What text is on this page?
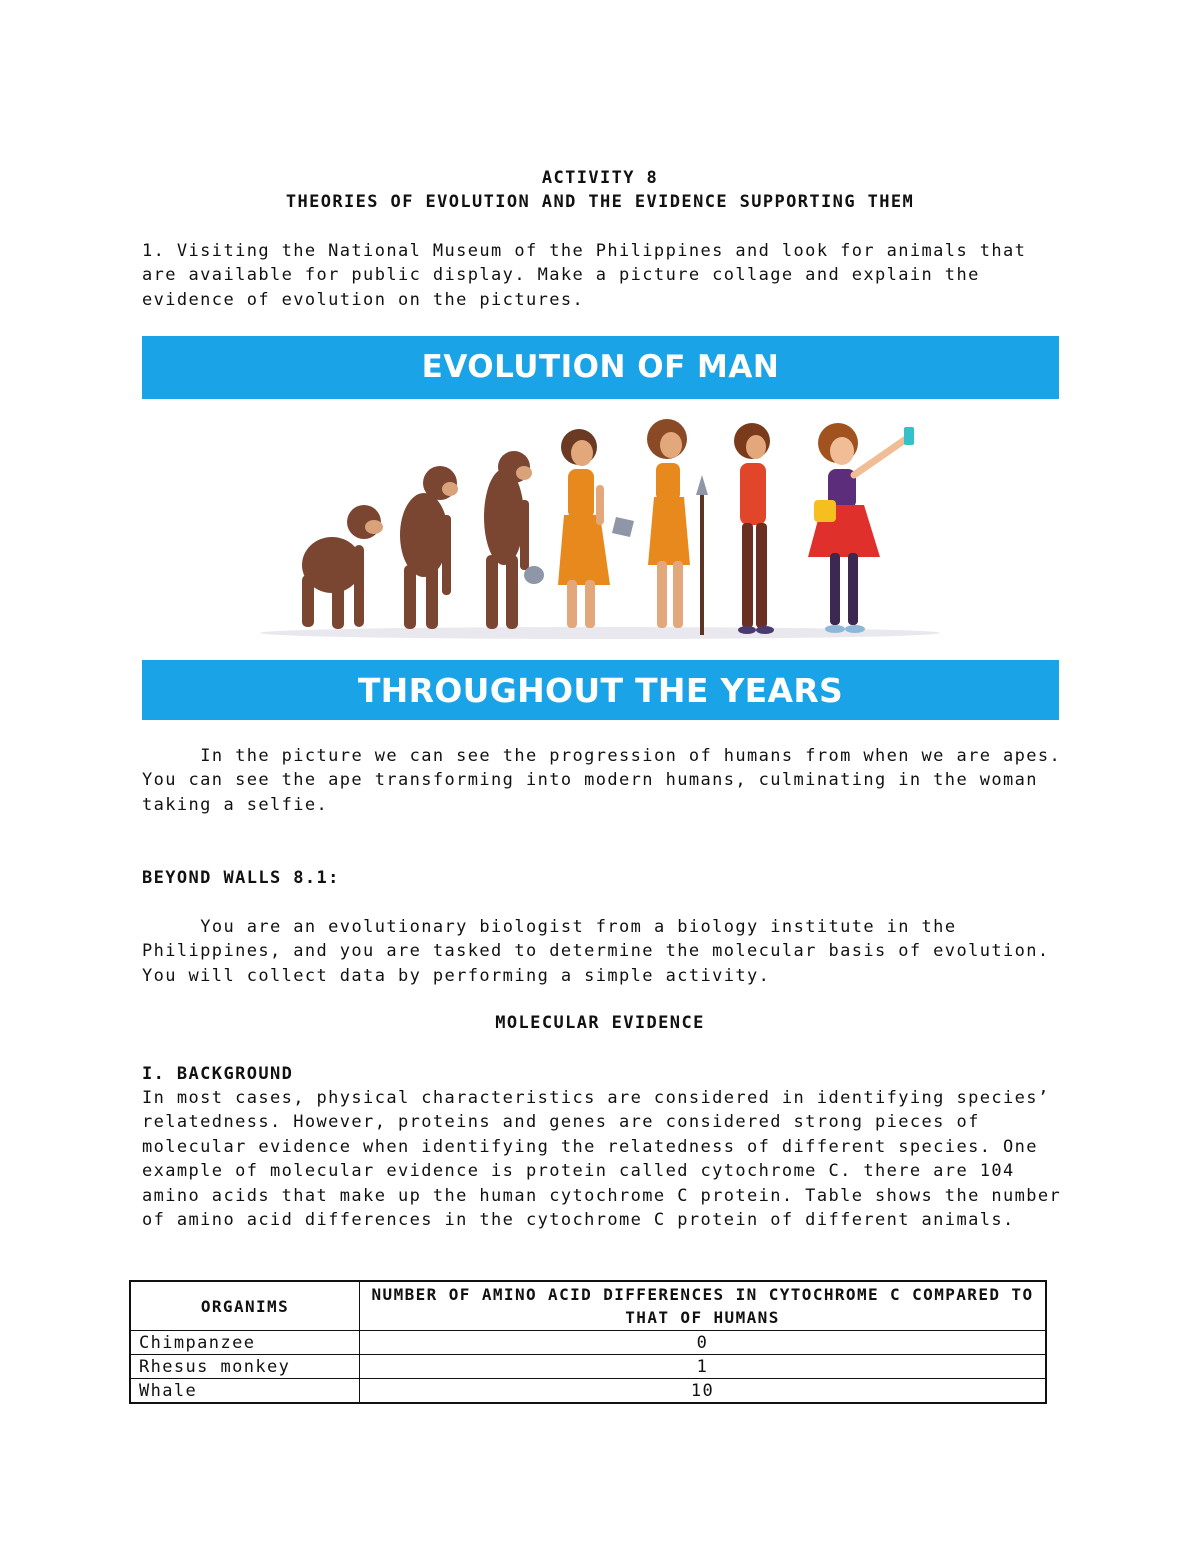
ACTIVITY 8
THEORIES OF EVOLUTION AND THE EVIDENCE SUPPORTING THEM
1. Visiting the National Museum of the Philippines and look for animals that are available for public display. Make a picture collage and explain the evidence of evolution on the pictures.
EVOLUTION OF MAN
THROUGHOUT THE YEARS
In the picture we can see the progression of humans from when we are apes. You can see the ape transforming into modern humans, culminating in the woman taking a selfie.
BEYOND WALLS 8.1:
You are an evolutionary biologist from a biology institute in the Philippines, and you are tasked to determine the molecular basis of evolution. You will collect data by performing a simple activity.
MOLECULAR EVIDENCE
I. BACKGROUND
In most cases, physical characteristics are considered in identifying species’ relatedness. However, proteins and genes are considered strong pieces of molecular evidence when identifying the relatedness of different species. One example of molecular evidence is protein called cytochrome C. there are 104 amino acids that make up the human cytochrome C protein. Table shows the number of amino acid differences in the cytochrome C protein of different animals.
ORGANIMS	NUMBER OF AMINO ACID DIFFERENCES IN CYTOCHROME C COMPARED TO THAT OF HUMANS
Chimpanzee	0
Rhesus monkey	1
Whale	10
